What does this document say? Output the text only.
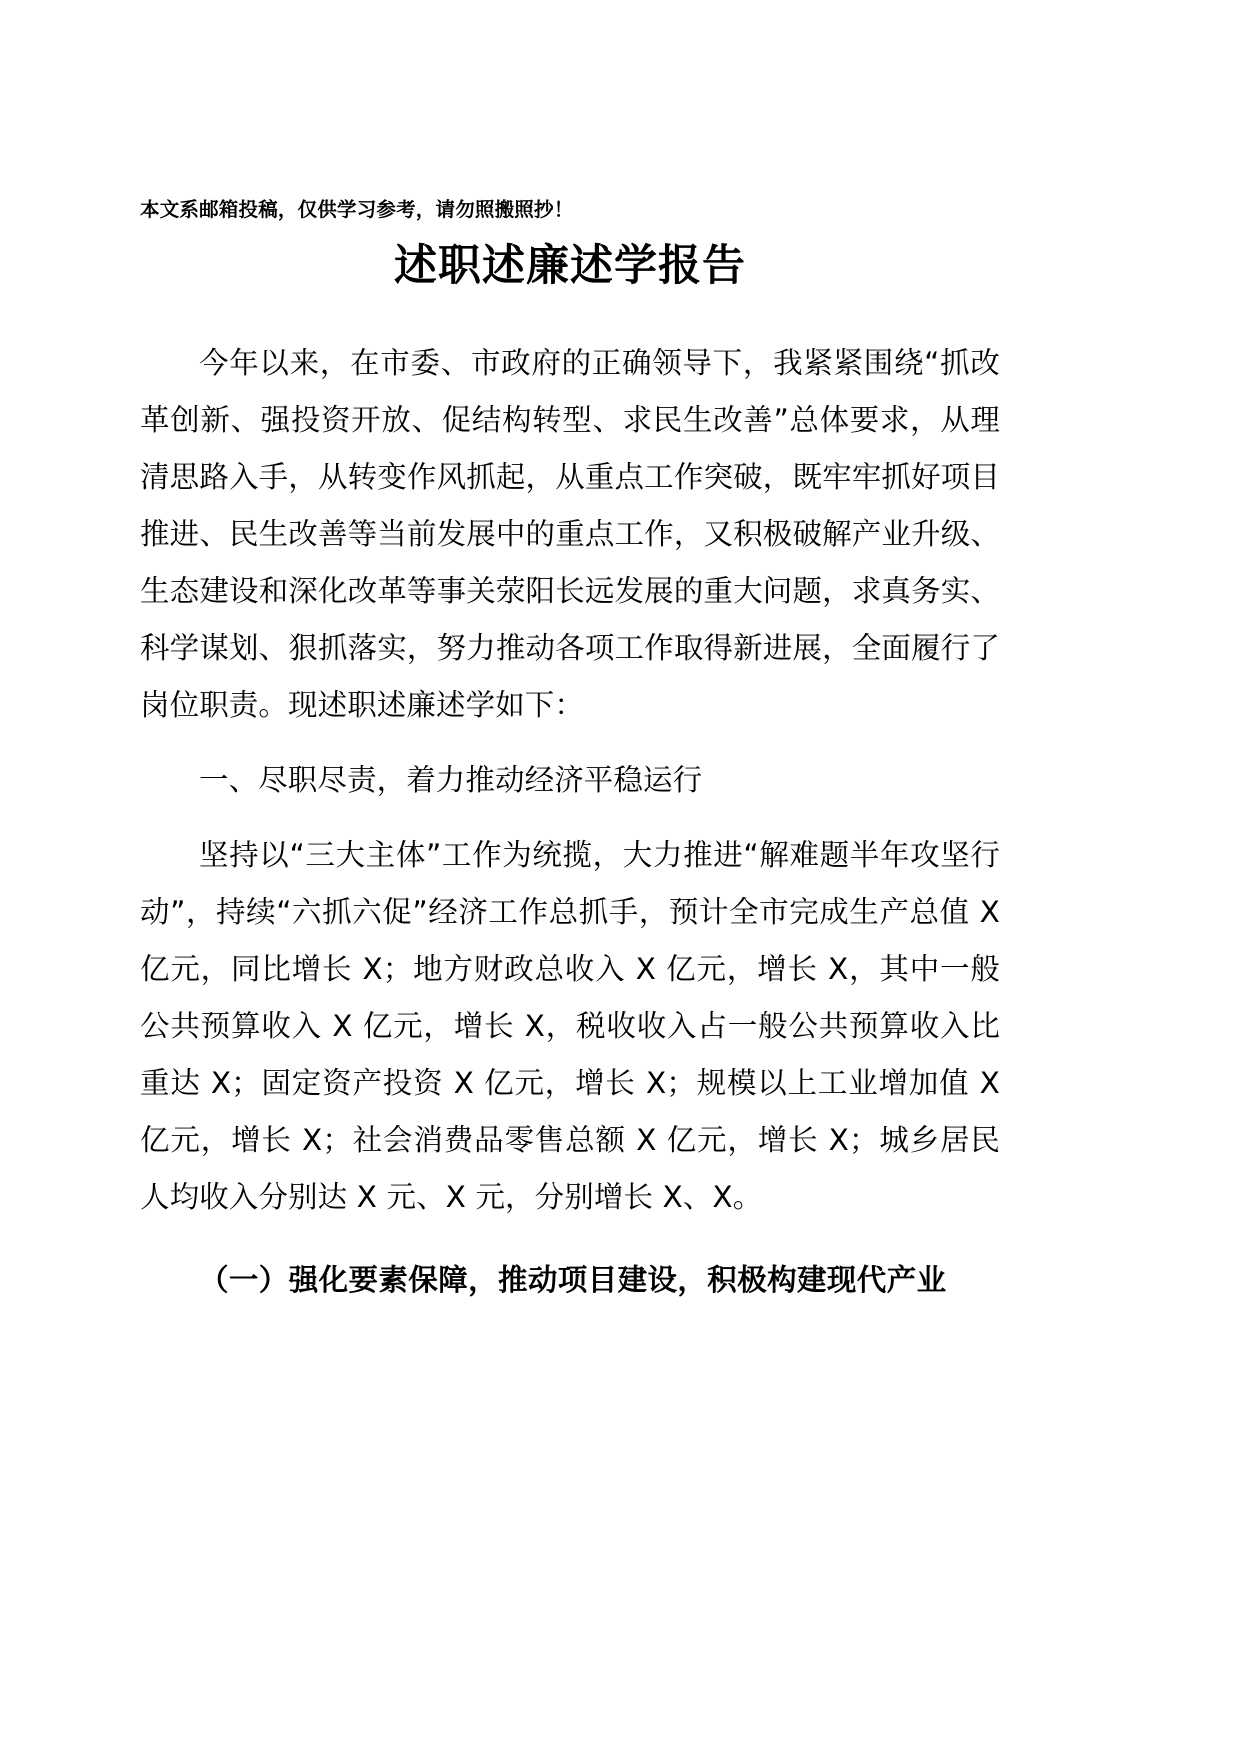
本文系邮箱投稿，仅供学习参考，请勿照搬照抄！
述职述廉述学报告
今年以来，在市委、市政府的正确领导下，我紧紧围绕“抓改革创新、强投资开放、促结构转型、求民生改善”总体要求，从理清思路入手，从转变作风抓起，从重点工作突破，既牢牢抓好项目推进、民生改善等当前发展中的重点工作，又积极破解产业升级、生态建设和深化改革等事关荥阳长远发展的重大问题，求真务实、科学谋划、狠抓落实，努力推动各项工作取得新进展，全面履行了岗位职责。现述职述廉述学如下：
一、尽职尽责，着力推动经济平稳运行
坚持以“三大主体”工作为统揽，大力推进“解难题半年攻坚行动”，持续“六抓六促”经济工作总抓手，预计全市完成生产总值 X 亿元，同比增长 X；地方财政总收入 X 亿元，增长 X，其中一般公共预算收入 X 亿元，增长 X，税收收入占一般公共预算收入比重达 X；固定资产投资 X 亿元，增长 X；规模以上工业增加值 X 亿元，增长 X；社会消费品零售总额 X 亿元，增长 X；城乡居民人均收入分别达 X 元、X 元，分别增长 X、X。
（一）强化要素保障，推动项目建设，积极构建现代产业
